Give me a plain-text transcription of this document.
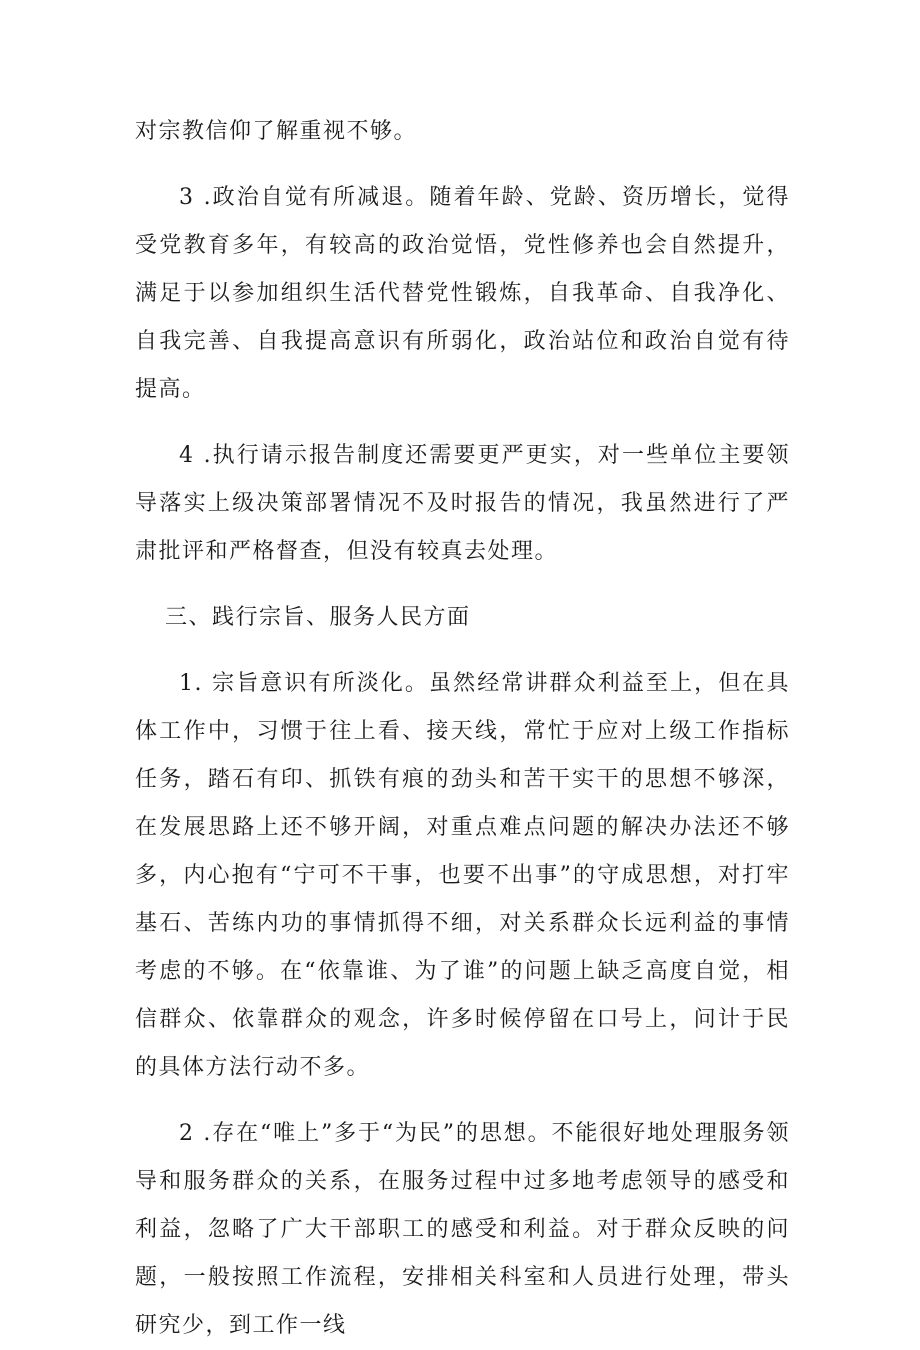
对宗教信仰了解重视不够。

3 .政治自觉有所减退。随着年龄、党龄、资历增长，觉得受党教育多年，有较高的政治觉悟，党性修养也会自然提升，满足于以参加组织生活代替党性锻炼，自我革命、自我净化、自我完善、自我提高意识有所弱化，政治站位和政治自觉有待提高。

4 .执行请示报告制度还需要更严更实，对一些单位主要领导落实上级决策部署情况不及时报告的情况，我虽然进行了严肃批评和严格督查，但没有较真去处理。

三、践行宗旨、服务人民方面

1. 宗旨意识有所淡化。虽然经常讲群众利益至上，但在具体工作中，习惯于往上看、接天线，常忙于应对上级工作指标任务，踏石有印、抓铁有痕的劲头和苦干实干的思想不够深，在发展思路上还不够开阔，对重点难点问题的解决办法还不够多，内心抱有“宁可不干事，也要不出事”的守成思想，对打牢基石、苦练内功的事情抓得不细，对关系群众长远利益的事情考虑的不够。在“依靠谁、为了谁”的问题上缺乏高度自觉，相信群众、依靠群众的观念，许多时候停留在口号上，问计于民的具体方法行动不多。

2 .存在“唯上”多于“为民”的思想。不能很好地处理服务领导和服务群众的关系，在服务过程中过多地考虑领导的感受和利益，忽略了广大干部职工的感受和利益。对于群众反映的问题，一般按照工作流程，安排相关科室和人员进行处理，带头研究少，到工作一线
